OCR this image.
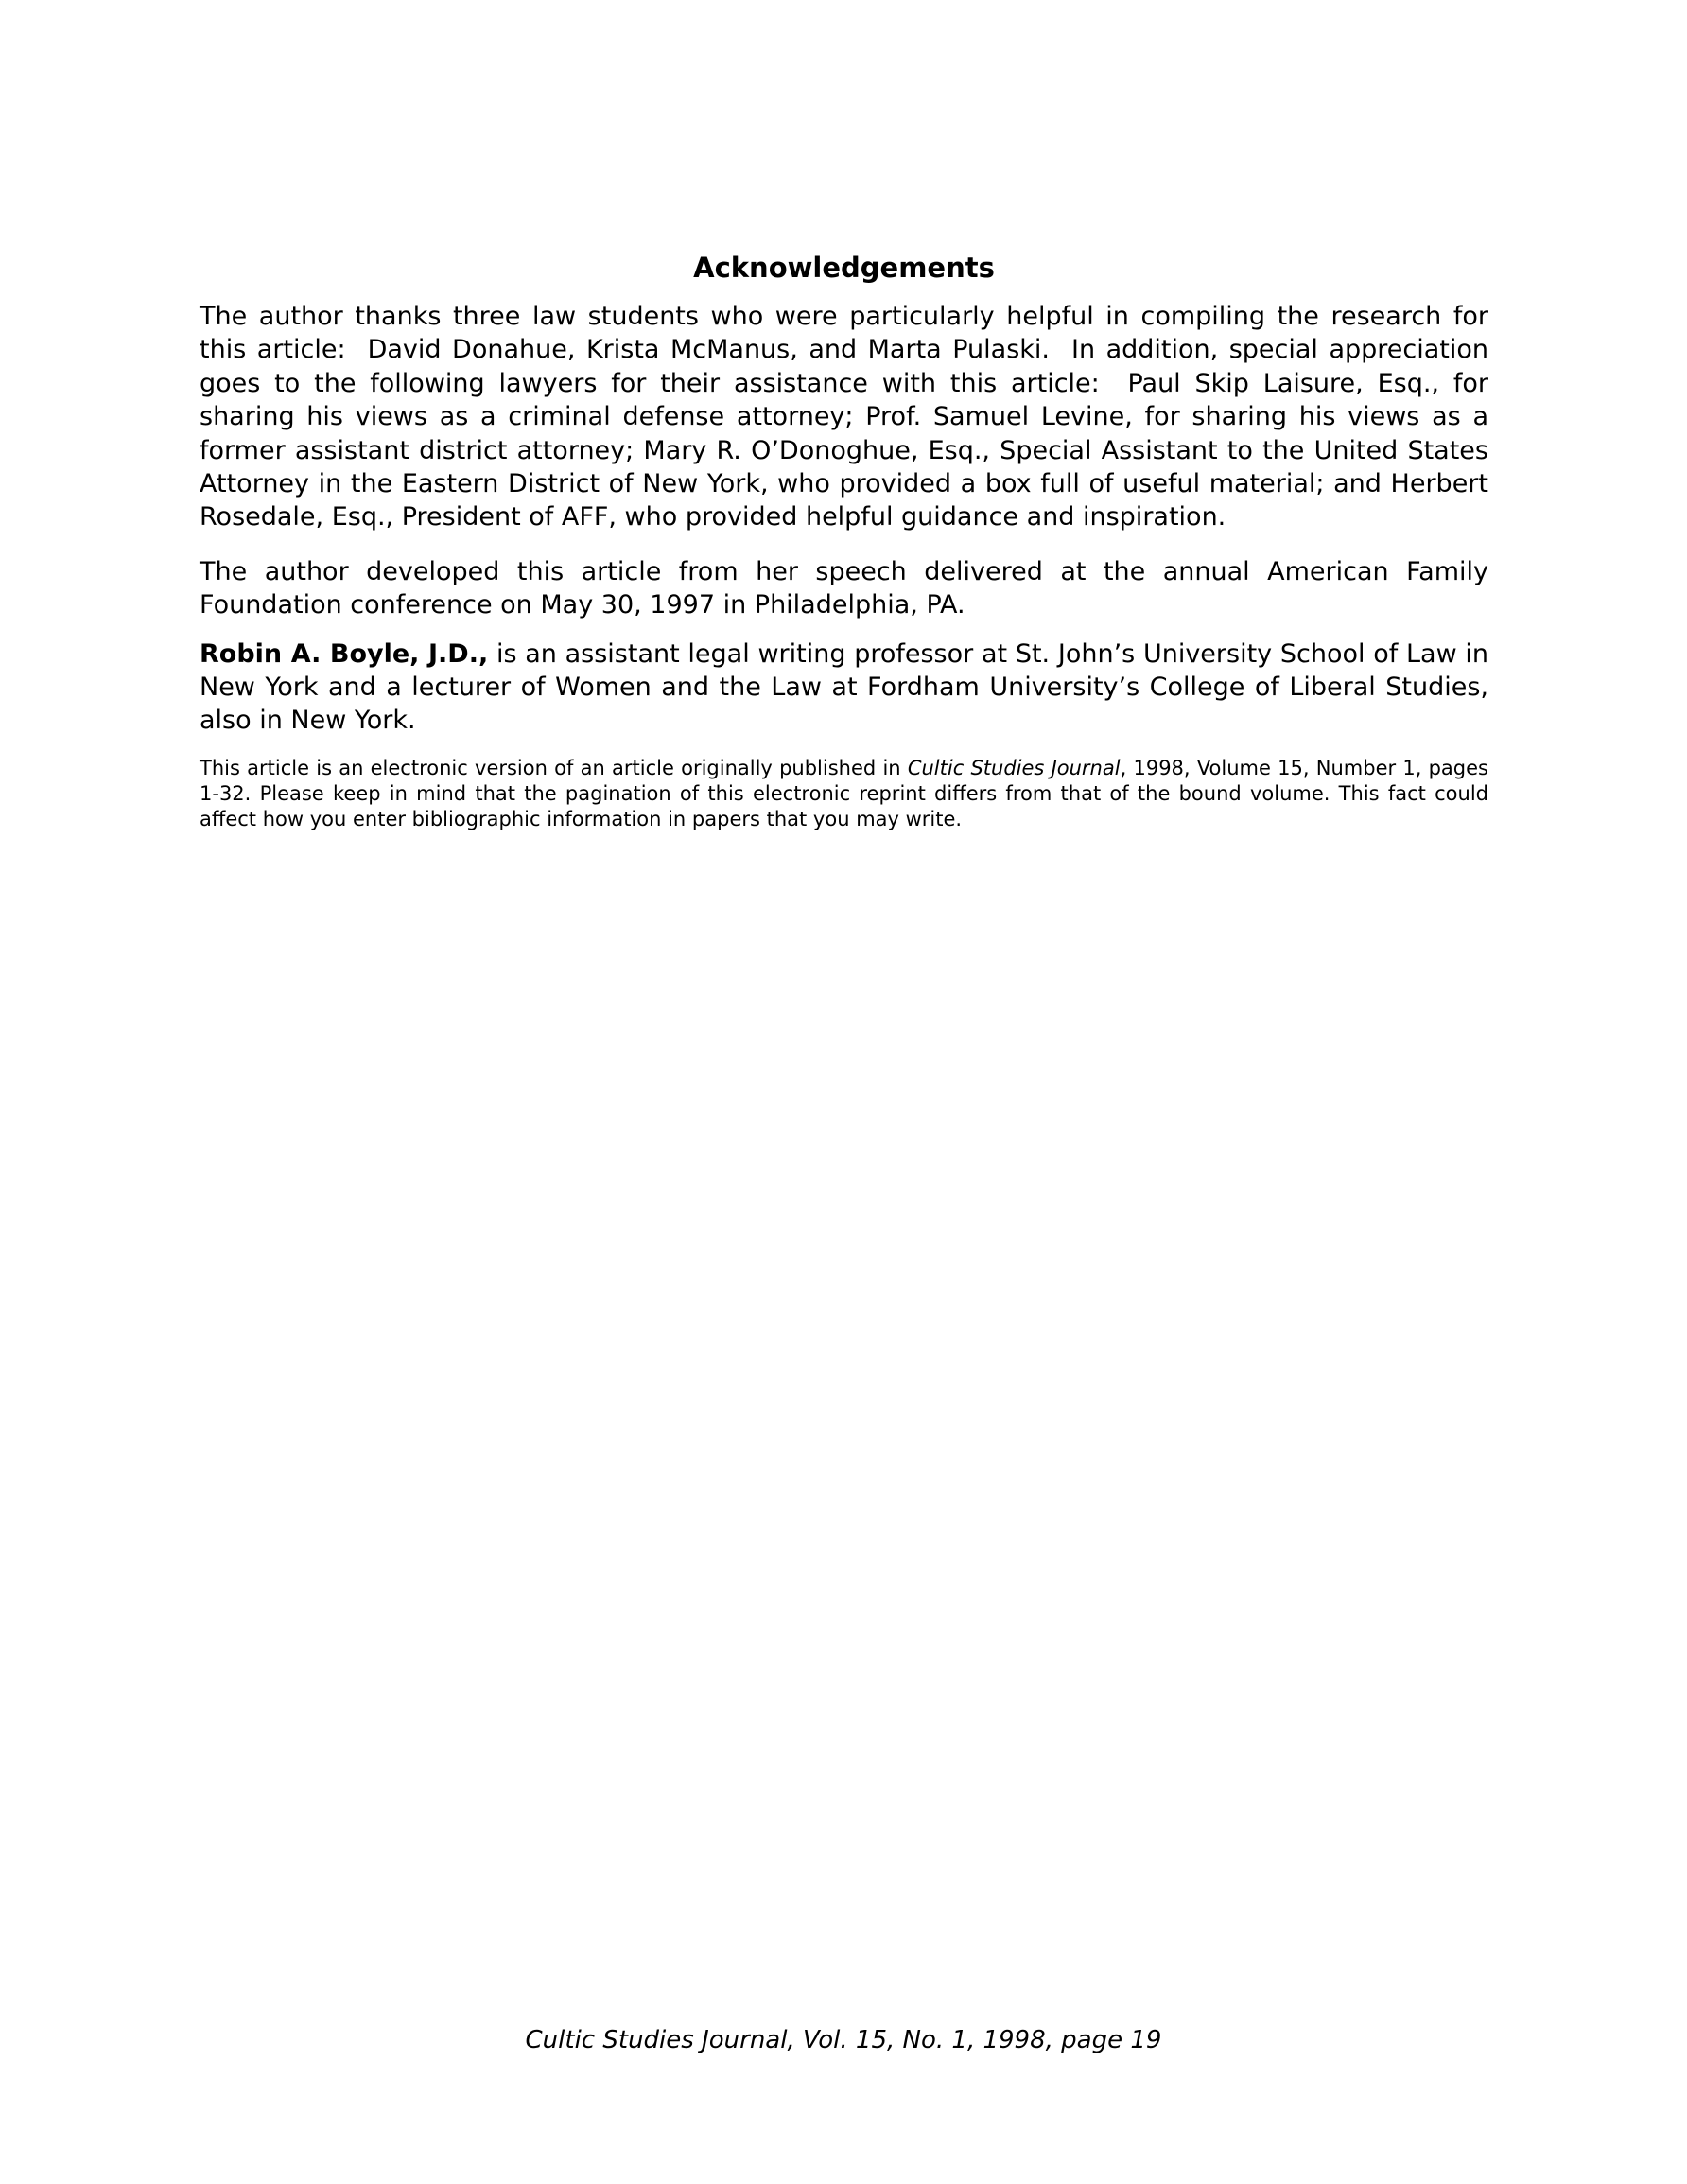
Acknowledgements

The author thanks three law students who were particularly helpful in compiling the research for this article:  David Donahue, Krista McManus, and Marta Pulaski.  In addition, special appreciation goes to the following lawyers for their assistance with this article:  Paul Skip Laisure, Esq., for sharing his views as a criminal defense attorney; Prof. Samuel Levine, for sharing his views as a former assistant district attorney; Mary R. O’Donoghue, Esq., Special Assistant to the United States Attorney in the Eastern District of New York, who provided a box full of useful material; and Herbert Rosedale, Esq., President of AFF, who provided helpful guidance and inspiration.

The author developed this article from her speech delivered at the annual American Family Foundation conference on May 30, 1997 in Philadelphia, PA.

Robin A. Boyle, J.D., is an assistant legal writing professor at St. John’s University School of Law in New York and a lecturer of Women and the Law at Fordham University’s College of Liberal Studies, also in New York.

This article is an electronic version of an article originally published in Cultic Studies Journal, 1998, Volume 15, Number 1, pages 1-32. Please keep in mind that the pagination of this electronic reprint differs from that of the bound volume. This fact could affect how you enter bibliographic information in papers that you may write.

Cultic Studies Journal, Vol. 15, No. 1, 1998, page 19
